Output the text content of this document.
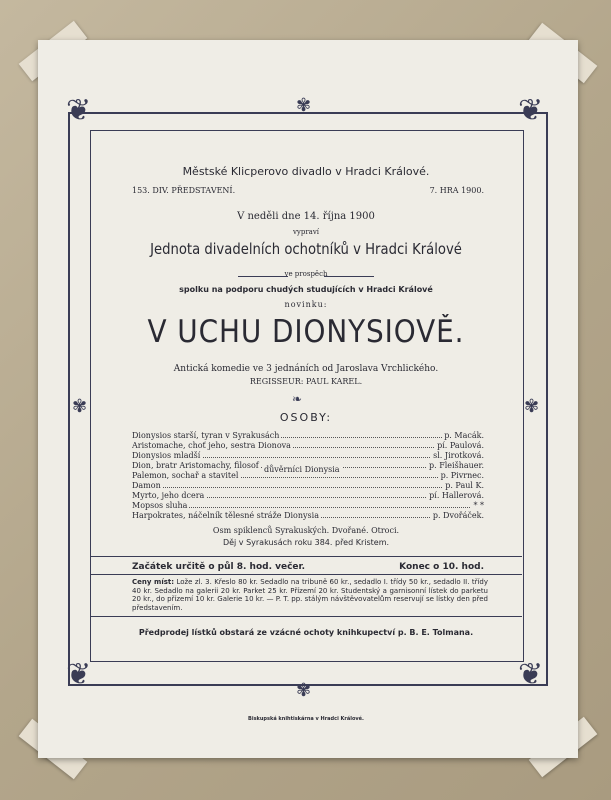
❦	❦
❦	❦
✾
✾
✾	✾
Městské Klicperovo divadlo v Hradci Králové.
153. DIV. PŘEDSTAVENÍ.	7. HRA 1900.
V neděli dne 14. října 1900
vypraví
Jednota divadelních ochotníků v Hradci Králové
ve prospěch
spolku na podporu chudých studujících v Hradci Králové
novinku:
V UCHU DIONYSIOVĚ.
Antická komedie ve 3 jednáních od Jaroslava Vrchlického.
REGISSEUR: PAUL KAREL.
❧
OSOBY:
Dionysios starší, tyran v Syrakusách	p. Macák.
Aristomache, choť jeho, sestra Dionova	pí. Paulová.
Dionysios mladší	sl. Jirotková.
Dion, bratr Aristomachy, filosof	p. Fleišhauer.
Palemon, sochař a stavitel	p. Pivrnec.
důvěrníci Dionysia
Damon	p. Paul K.
Myrto, jeho dcera	pí. Hallerová.
Mopsos sluha	* *
Harpokrates, náčelník tělesné stráže Dionysia	p. Dvořáček.
Osm spiklenců Syrakuských. Dvořané. Otroci.
Děj v Syrakusách roku 384. před Kristem.
Začátek určitě o půl 8. hod. večer.	Konec o 10. hod.
Ceny míst: Lože zl. 3. Křeslo 80 kr. Sedadlo na tribuně 60 kr., sedadlo I. třídy 50 kr., sedadlo II. třídy 40 kr. Sedadlo na galerii 20 kr. Parket 25 kr. Přízemí 20 kr. Studentský a garnisonní lístek do parketu 20 kr., do přízemí 10 kr. Galerie 10 kr. — P. T. pp. stálým návštěvovatelům reservují se lístky den před představením.
Předprodej lístků obstará ze vzácné ochoty knihkupectví p. B. E. Tolmana.
Biskupská knihtiskárna v Hradci Králové.
